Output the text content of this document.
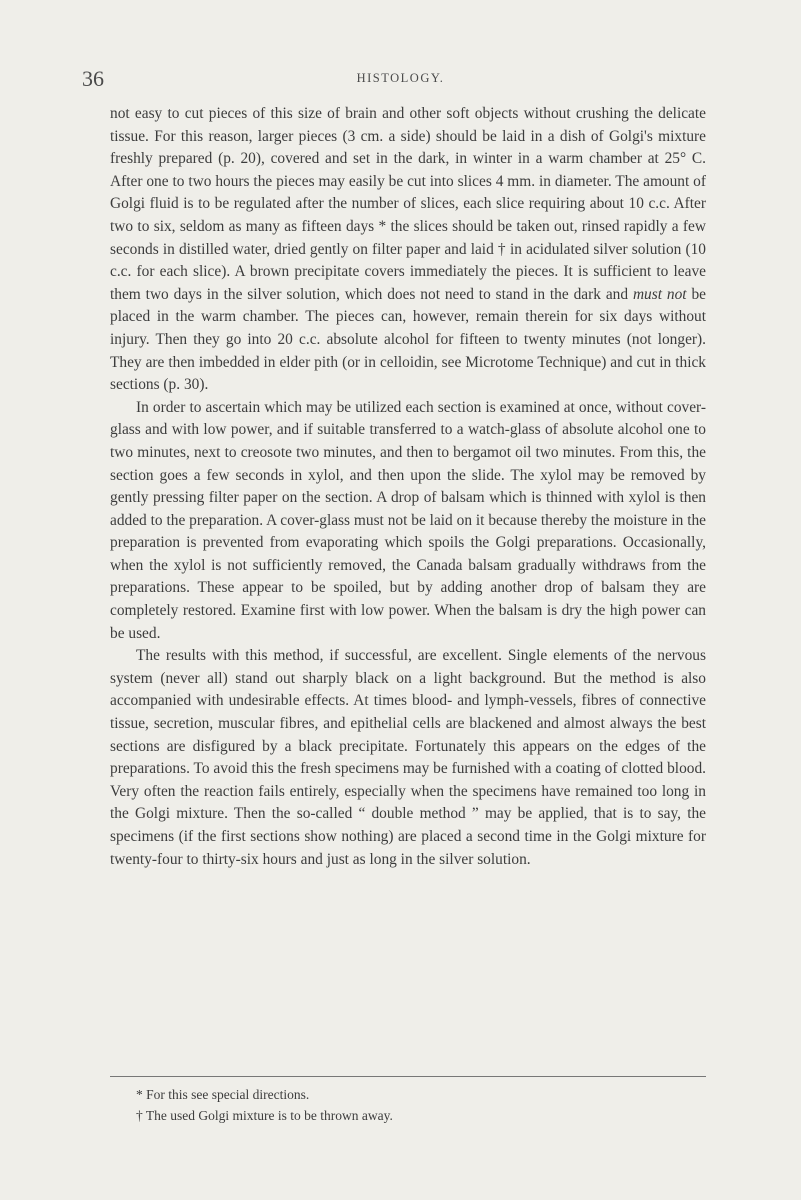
36	HISTOLOGY.

not easy to cut pieces of this size of brain and other soft objects without crushing the delicate tissue. For this reason, larger pieces (3 cm. a side) should be laid in a dish of Golgi's mixture freshly prepared (p. 20), covered and set in the dark, in winter in a warm chamber at 25° C. After one to two hours the pieces may easily be cut into slices 4 mm. in diameter. The amount of Golgi fluid is to be regulated after the number of slices, each slice requiring about 10 c.c. After two to six, seldom as many as fifteen days * the slices should be taken out, rinsed rapidly a few seconds in distilled water, dried gently on filter paper and laid † in acidulated silver solution (10 c.c. for each slice). A brown precipitate covers immediately the pieces. It is sufficient to leave them two days in the silver solution, which does not need to stand in the dark and must not be placed in the warm chamber. The pieces can, however, remain therein for six days without injury. Then they go into 20 c.c. absolute alcohol for fifteen to twenty minutes (not longer). They are then imbedded in elder pith (or in celloidin, see Microtome Technique) and cut in thick sections (p. 30).

In order to ascertain which may be utilized each section is examined at once, without cover-glass and with low power, and if suitable transferred to a watch-glass of absolute alcohol one to two minutes, next to creosote two minutes, and then to bergamot oil two minutes. From this, the section goes a few seconds in xylol, and then upon the slide. The xylol may be removed by gently pressing filter paper on the section. A drop of balsam which is thinned with xylol is then added to the preparation. A cover-glass must not be laid on it because thereby the moisture in the preparation is prevented from evaporating which spoils the Golgi preparations. Occasionally, when the xylol is not sufficiently removed, the Canada balsam gradually withdraws from the preparations. These appear to be spoiled, but by adding another drop of balsam they are completely restored. Examine first with low power. When the balsam is dry the high power can be used.

The results with this method, if successful, are excellent. Single elements of the nervous system (never all) stand out sharply black on a light background. But the method is also accompanied with undesirable effects. At times blood- and lymph-vessels, fibres of connective tissue, secretion, muscular fibres, and epithelial cells are blackened and almost always the best sections are disfigured by a black precipitate. Fortunately this appears on the edges of the preparations. To avoid this the fresh specimens may be furnished with a coating of clotted blood. Very often the reaction fails entirely, especially when the specimens have remained too long in the Golgi mixture. Then the so-called “ double method ” may be applied, that is to say, the specimens (if the first sections show nothing) are placed a second time in the Golgi mixture for twenty-four to thirty-six hours and just as long in the silver solution.

* For this see special directions.
† The used Golgi mixture is to be thrown away.
